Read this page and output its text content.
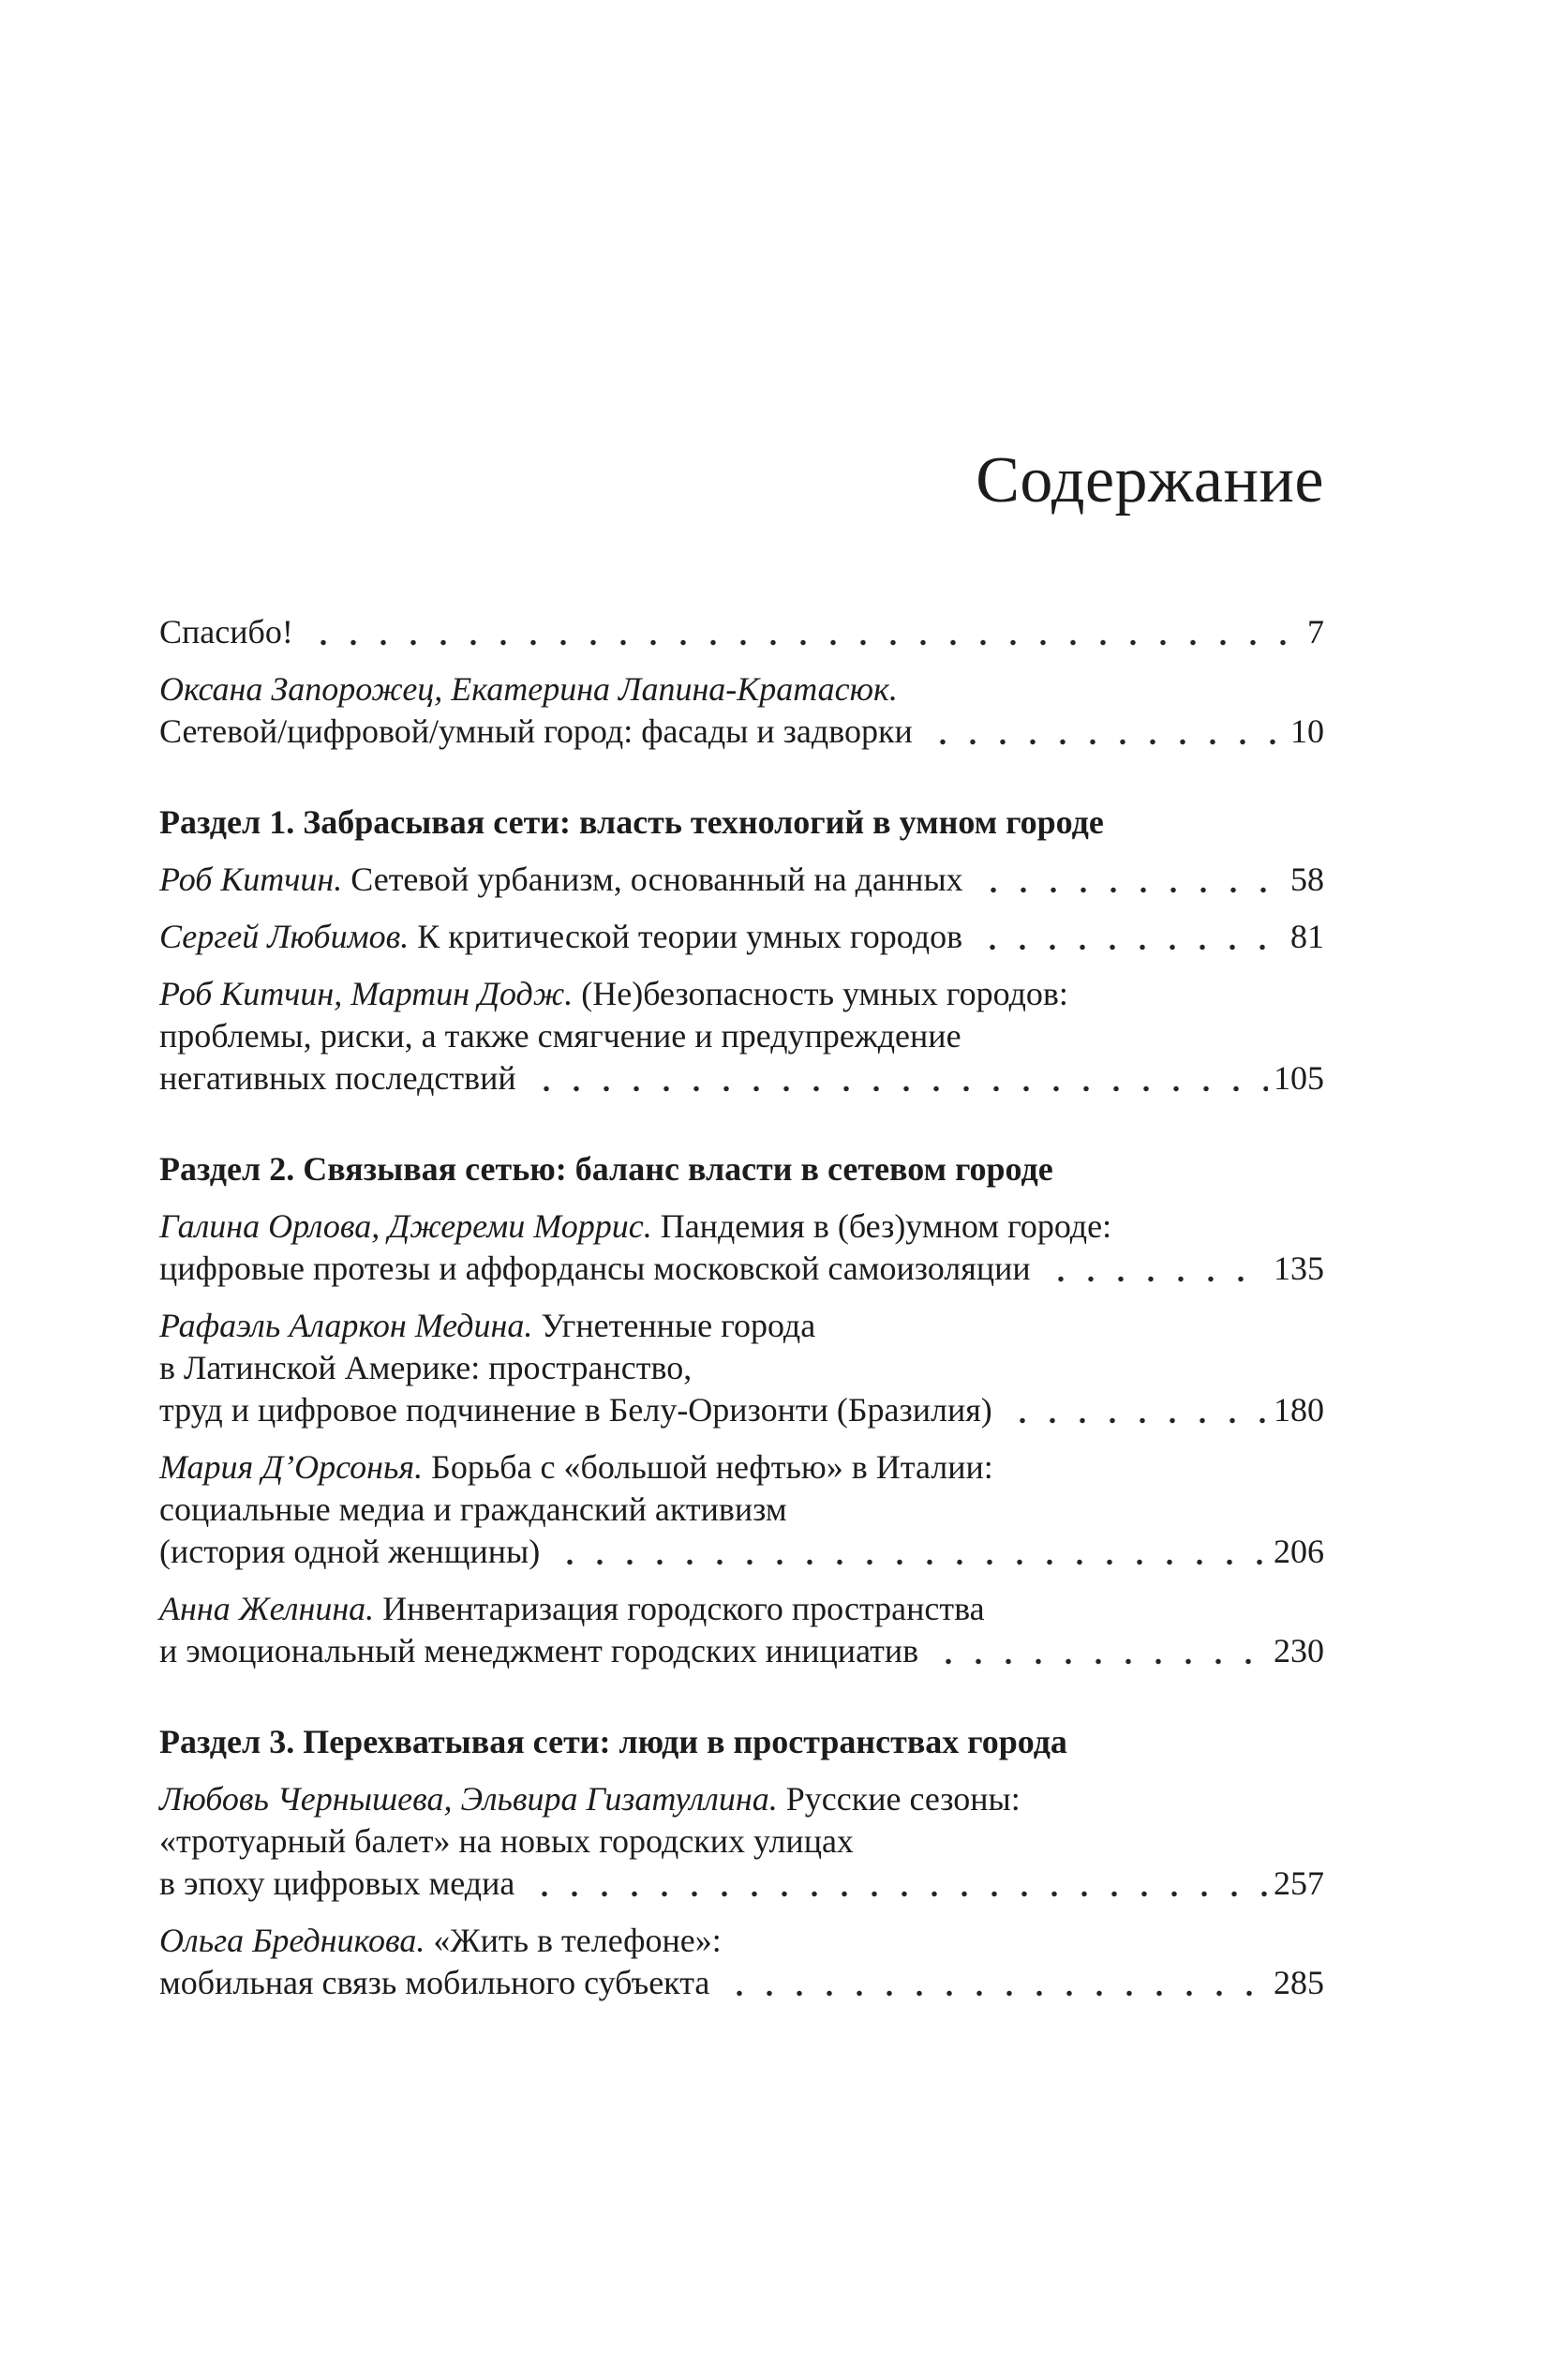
Содержание
Спасибо!	7
Оксана Запорожец, Екатерина Лапина-Кратасюк.
Сетевой/цифровой/умный город: фасады и задворки	10
Раздел 1. Забрасывая сети: власть технологий в умном городе
Роб Китчин. Сетевой урбанизм, основанный на данных	58
Сергей Любимов. К критической теории умных городов	81
Роб Китчин, Мартин Додж. (Не)безопасность умных городов:
проблемы, риски, а также смягчение и предупреждение
негативных последствий	105
Раздел 2. Связывая сетью: баланс власти в сетевом городе
Галина Орлова, Джереми Моррис. Пандемия в (без)умном городе:
цифровые протезы и аффордансы московской самоизоляции	135
Рафаэль Аларкон Медина. Угнетенные города
в Латинской Америке: пространство,
труд и цифровое подчинение в Белу-Оризонти (Бразилия)	180
Мария Д’Орсонья. Борьба с «большой нефтью» в Италии:
социальные медиа и гражданский активизм
(история одной женщины)	206
Анна Желнина. Инвентаризация городского пространства
и эмоциональный менеджмент городских инициатив	230
Раздел 3. Перехватывая сети: люди в пространствах города
Любовь Чернышева, Эльвира Гизатуллина. Русские сезоны:
«тротуарный балет» на новых городских улицах
в эпоху цифровых медиа	257
Ольга Бредникова. «Жить в телефоне»:
мобильная связь мобильного субъекта	285
